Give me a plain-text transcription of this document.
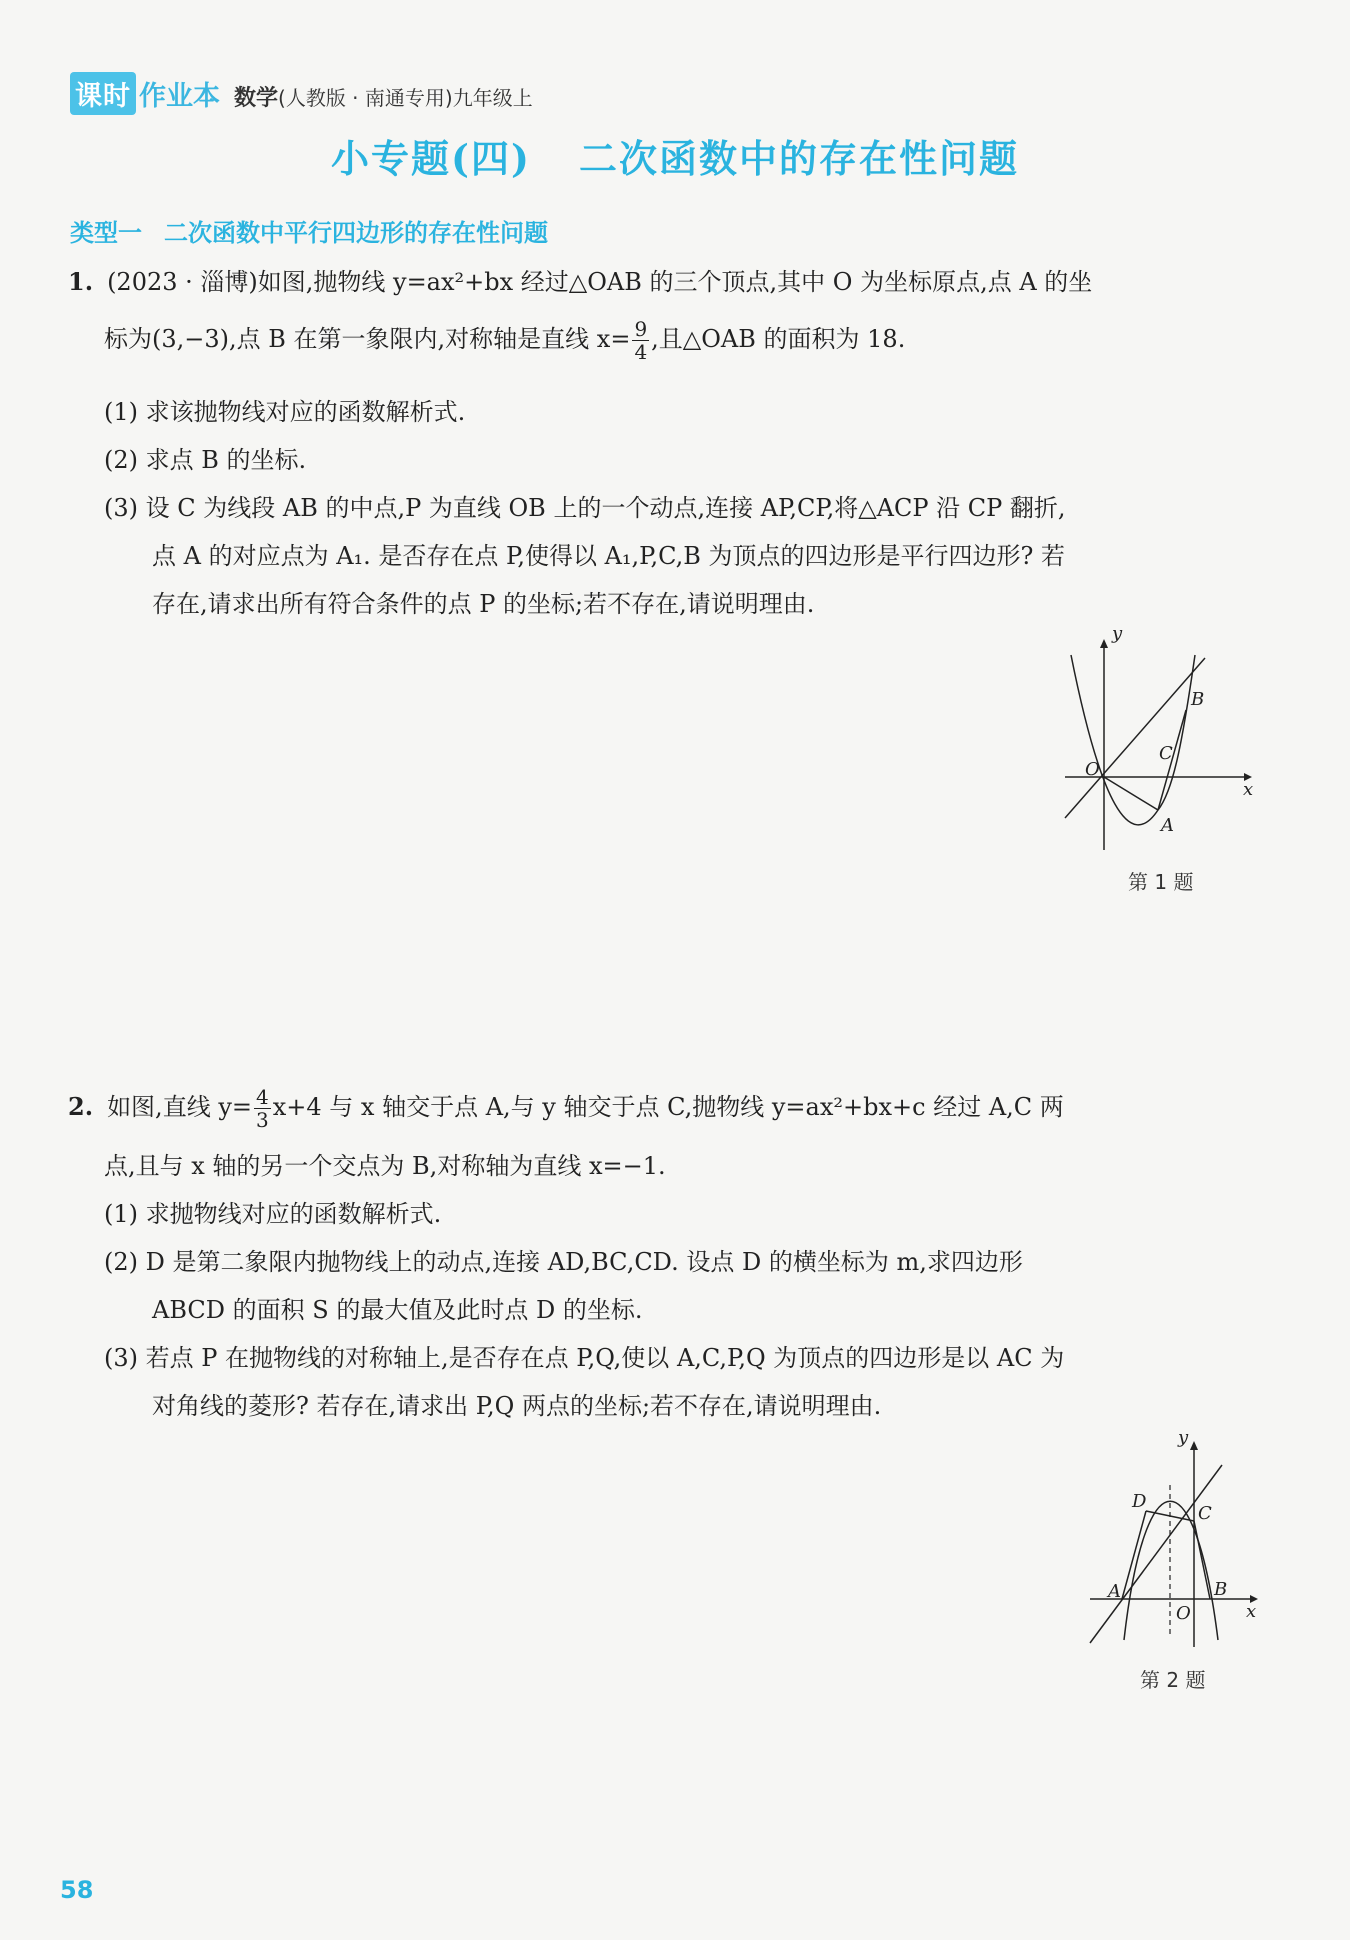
课时 作业本 数学 (人教版 · 南通专用) 九年级上
小专题(四) 二次函数中的存在性问题
类型一 二次函数中平行四边形的存在性问题
1. (2023 · 淄博)如图,抛物线 y=ax²+bx 经过△OAB 的三个顶点,其中 O 为坐标原点,点 A 的坐
标为(3,−3),点 B 在第一象限内,对称轴是直线 $x= \frac{9}{4}$ ,且△OAB 的面积为 18.
(1) 求该抛物线对应的函数解析式.
(2) 求点 B 的坐标.
(3) 设 C 为线段 AB 的中点,P 为直线 OB 上的一个动点,连接 AP,CP,将△ACP 沿 CP 翻折,
点 A 的对应点为 A₁. 是否存在点 P,使得以 A₁,P,C,B 为顶点的四边形是平行四边形? 若
存在,请求出所有符合条件的点 P 的坐标;若不存在,请说明理由.
y
x
O
A
B
C
第 1 题
2. 如图,直线 $y= \frac{4}{3} x+4$ 与 x 轴交于点 A,与 y 轴交于点 C,抛物线 y=ax²+bx+c 经过 A,C 两
点,且与 x 轴的另一个交点为 B,对称轴为直线 x=−1.
(1) 求抛物线对应的函数解析式.
(2) D 是第二象限内抛物线上的动点,连接 AD,BC,CD. 设点 D 的横坐标为 m,求四边形
ABCD 的面积 S 的最大值及此时点 D 的坐标.
(3) 若点 P 在抛物线的对称轴上,是否存在点 P,Q,使以 A,C,P,Q 为顶点的四边形是以 AC 为
对角线的菱形? 若存在,请求出 P,Q 两点的坐标;若不存在,请说明理由.
y
x
O
A	B
C
D
第 2 题
58
